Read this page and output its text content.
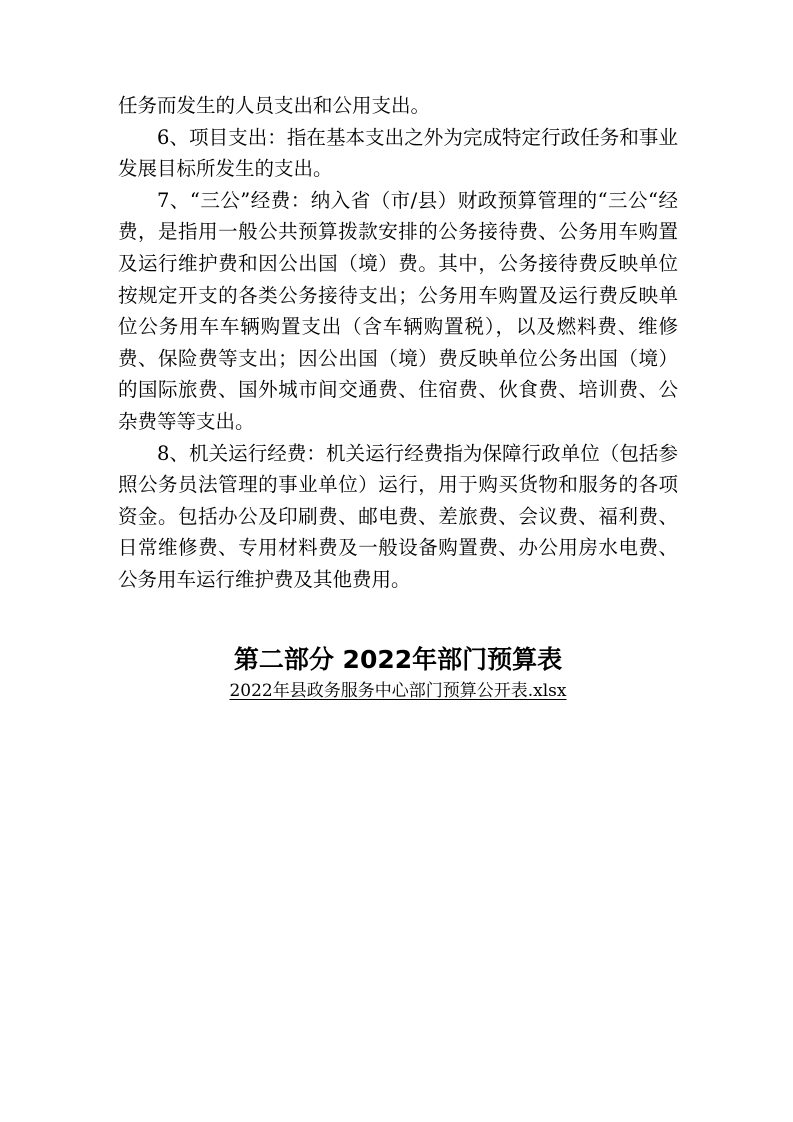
任务而发生的人员支出和公用支出。

6、项目支出：指在基本支出之外为完成特定行政任务和事业发展目标所发生的支出。

7、“三公”经费：纳入省（市/县）财政预算管理的“三公“经费，是指用一般公共预算拨款安排的公务接待费、公务用车购置及运行维护费和因公出国（境）费。其中，公务接待费反映单位按规定开支的各类公务接待支出；公务用车购置及运行费反映单位公务用车车辆购置支出（含车辆购置税），以及燃料费、维修费、保险费等支出；因公出国（境）费反映单位公务出国（境）的国际旅费、国外城市间交通费、住宿费、伙食费、培训费、公杂费等等支出。

8、机关运行经费：机关运行经费指为保障行政单位（包括参照公务员法管理的事业单位）运行，用于购买货物和服务的各项资金。包括办公及印刷费、邮电费、差旅费、会议费、福利费、日常维修费、专用材料费及一般设备购置费、办公用房水电费、公务用车运行维护费及其他费用。

第二部分 2022年部门预算表
2022年县政务服务中心部门预算公开表.xlsx
